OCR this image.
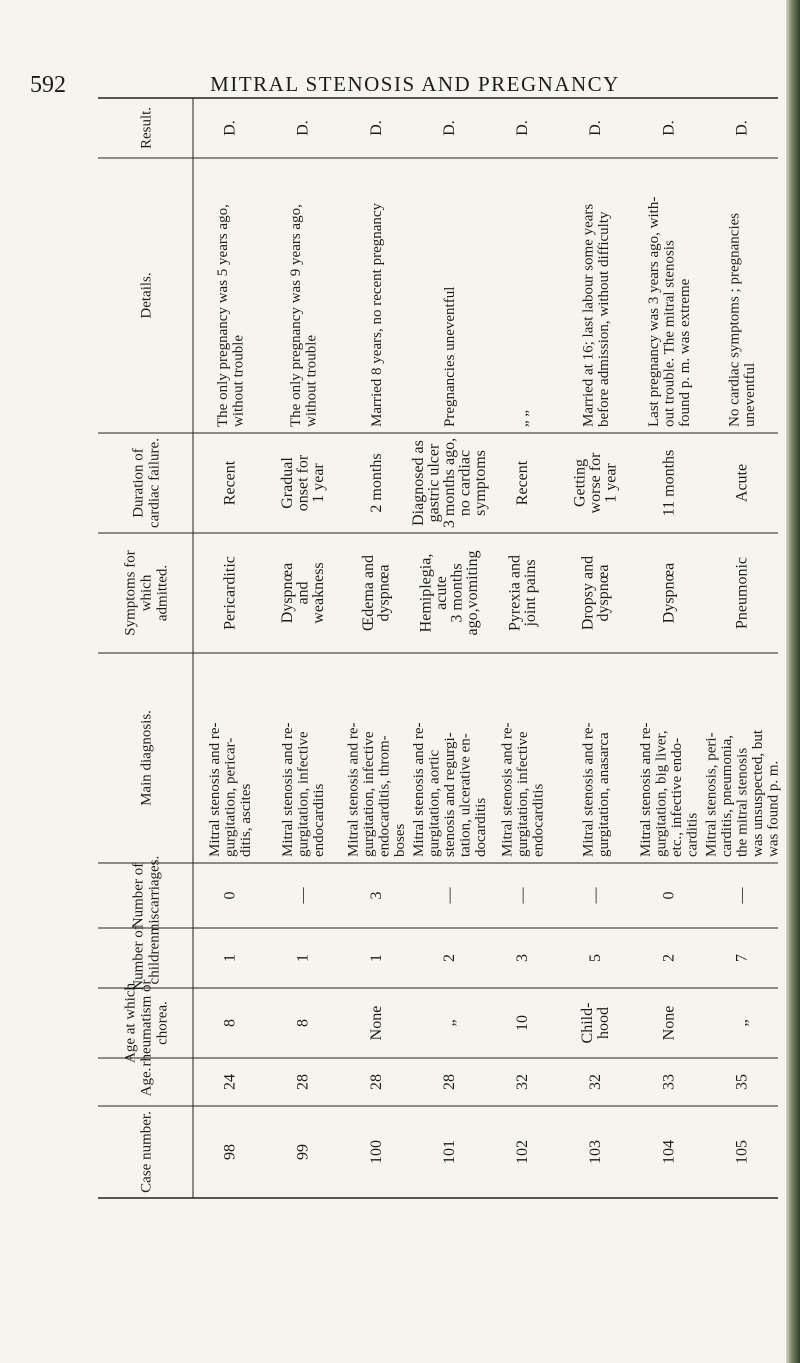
592	MITRAL STENOSIS AND PREGNANCY
Case number.
Age.
Age at whichrheumatism orchorea.
Number ofchildren.
Number ofmiscarriages.
Main diagnosis.
Symptoms forwhichadmitted.
Duration ofcardiac failure.
Details.
Result.
98
24
8
1
0
Mitral stenosis and re-gurgitation, pericar-ditis, ascites
Pericarditic
Recent
The only pregnancy was 5 years ago,without trouble
D.
99
28
8
1
—
Mitral stenosis and re-gurgitation, infectiveendocarditis
Dyspnœaandweakness
Gradualonset for1 year
The only pregnancy was 9 years ago,without trouble
D.
100
28
None
1
3
Mitral stenosis and re-gurgitation, infectiveendocarditis, throm-boses
Œdema anddyspnœa
2 months
Married 8 years, no recent pregnancy
D.
101
28
„
2
—
Mitral stenosis and re-gurgitation, aorticstenosis and regurgi-tation, ulcerative en-docarditis
Hemiplegia,acute3 monthsago,vomiting
Diagnosed asgastric ulcer3 months ago,no cardiacsymptoms
Pregnancies uneventful
D.
102
32
10
3
—
Mitral stenosis and re-gurgitation, infectiveendocarditis
Pyrexia andjoint pains
Recent
„ „
D.
103
32
Child-hood
5
—
Mitral stenosis and re-gurgitation, anasarca
Dropsy anddyspnœa
Gettingworse for1 year
Married at 16; last labour some yearsbefore admission, without difficulty
D.
104
33
None
2
0
Mitral stenosis and re-gurgitation, big liver,etc., infective endo-carditis
Dyspnœa
11 months
Last pregnancy was 3 years ago, with-out trouble. The mitral stenosisfound p. m. was extreme
D.
105
35
„
7
—
Mitral stenosis, peri-carditis, pneumonia,the mitral stenosiswas unsuspected, butwas found p. m.
Pneumonic
Acute
No cardiac symptoms ; pregnanciesuneventful
D.
